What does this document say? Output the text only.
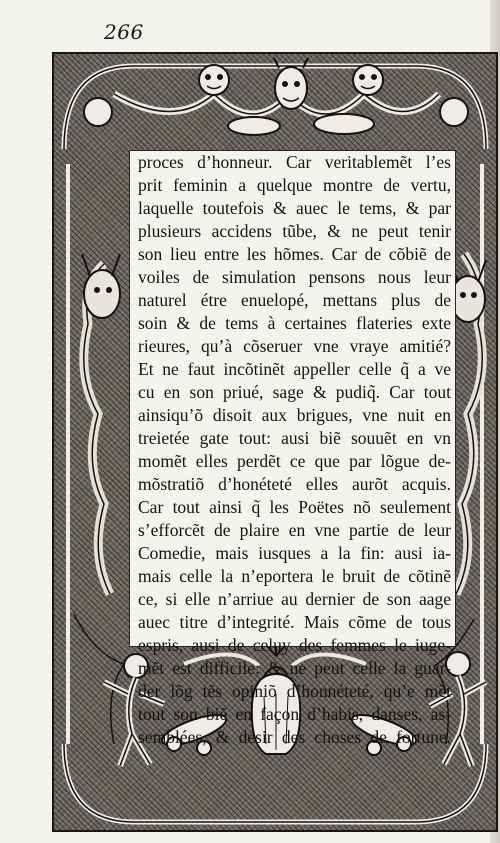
266
proces d’honneur. Car veritablemẽt l’es
prit feminin a quelque montre de vertu,
laquelle toutefois & auec le tems, & par
plusieurs accidens tũbe, & ne peut tenir
son lieu entre les hõmes. Car de cõbiẽ de
voiles de simulation pensons nous leur
naturel étre enuelopé, mettans plus de
soin & de tems à certaines flateries exte
rieures, qu’à cõseruer vne vraye amitié?
Et ne faut incõtinẽt appeller celle q̃ a ve
cu en son priué, sage & pudiq̃. Car tout
ainsiqu’õ disoit aux brigues, vne nuit en
treietée gate tout: ausi biẽ souuẽt en vn
momẽt elles perdẽt ce que par lõgue de-
mõstratiõ d’honéteté elles aurõt acquis.
Car tout ainsi q̃ les Poëtes nõ seulement
s’efforcẽt de plaire en vne partie de leur
Comedie, mais iusques a la fin: ausi ia-
mais celle la n’eportera le bruit de cõtinẽ
ce, si elle n’arriue au dernier de son aage
auec titre d’integrité. Mais cõme de tous
espris, ausi de celuy des femmes le iuge-
mẽt est difficile: & ne peut celle la guar-
der lõg tẽs opiniõ d’honnéteté, qu’e mẽt
tout son biẽ en façon d’habis, danses, as-
semblées, & desir des choses de fortune.
